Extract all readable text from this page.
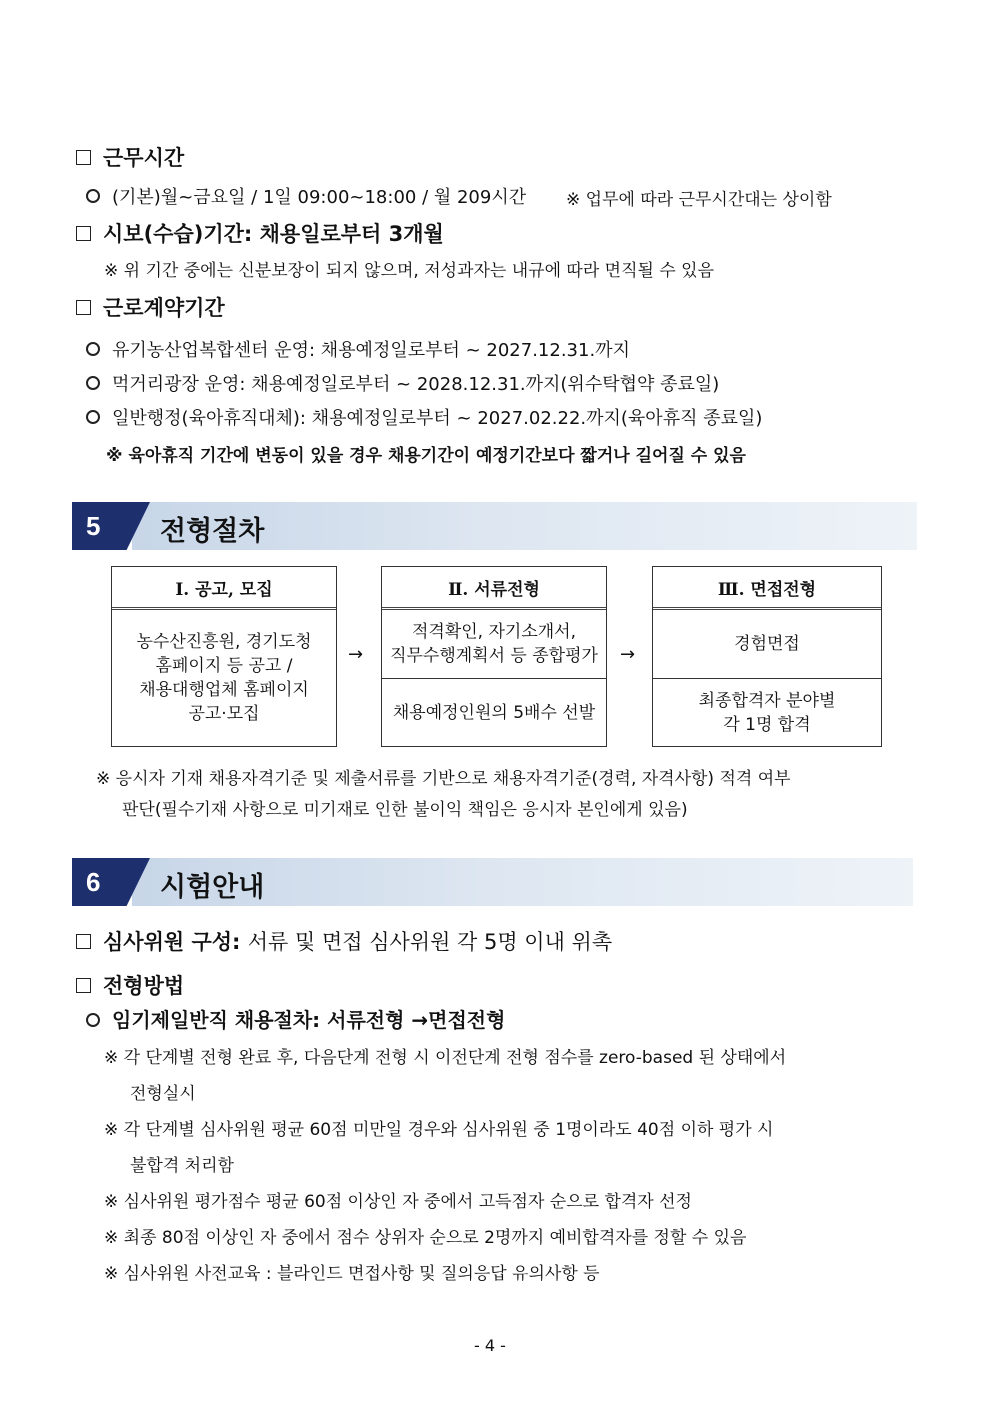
근무시간
(기본)월~금요일 / 1일 09:00~18:00 / 월 209시간 ※ 업무에 따라 근무시간대는 상이함
시보(수습)기간: 채용일로부터 3개월
※ 위 기간 중에는 신분보장이 되지 않으며, 저성과자는 내규에 따라 면직될 수 있음
근로계약기간
유기농산업복합센터 운영: 채용예정일로부터 ~ 2027.12.31.까지
먹거리광장 운영: 채용예정일로부터 ~ 2028.12.31.까지(위수탁협약 종료일)
일반행정(육아휴직대체): 채용예정일로부터 ~ 2027.02.22.까지(육아휴직 종료일)
※ 육아휴직 기간에 변동이 있을 경우 채용기간이 예정기간보다 짧거나 길어질 수 있음
5 전형절차
Ⅰ. 공고, 모집
농수산진흥원, 경기도청
홈페이지 등 공고 /
채용대행업체 홈페이지
공고·모집
→
Ⅱ. 서류전형
적격확인, 자기소개서,
직무수행계획서 등 종합평가
채용예정인원의 5배수 선발
→
Ⅲ. 면접전형
경험면접
최종합격자 분야별
각 1명 합격
※ 응시자 기재 채용자격기준 및 제출서류를 기반으로 채용자격기준(경력, 자격사항) 적격 여부
판단(필수기재 사항으로 미기재로 인한 불이익 책임은 응시자 본인에게 있음)
6 시험안내
심사위원 구성: 서류 및 면접 심사위원 각 5명 이내 위촉
전형방법
임기제일반직 채용절차: 서류전형 →면접전형
※ 각 단계별 전형 완료 후, 다음단계 전형 시 이전단계 전형 점수를 zero-based 된 상태에서
전형실시
※ 각 단계별 심사위원 평균 60점 미만일 경우와 심사위원 중 1명이라도 40점 이하 평가 시
불합격 처리함
※ 심사위원 평가점수 평균 60점 이상인 자 중에서 고득점자 순으로 합격자 선정
※ 최종 80점 이상인 자 중에서 점수 상위자 순으로 2명까지 예비합격자를 정할 수 있음
※ 심사위원 사전교육 : 블라인드 면접사항 및 질의응답 유의사항 등
- 4 -
